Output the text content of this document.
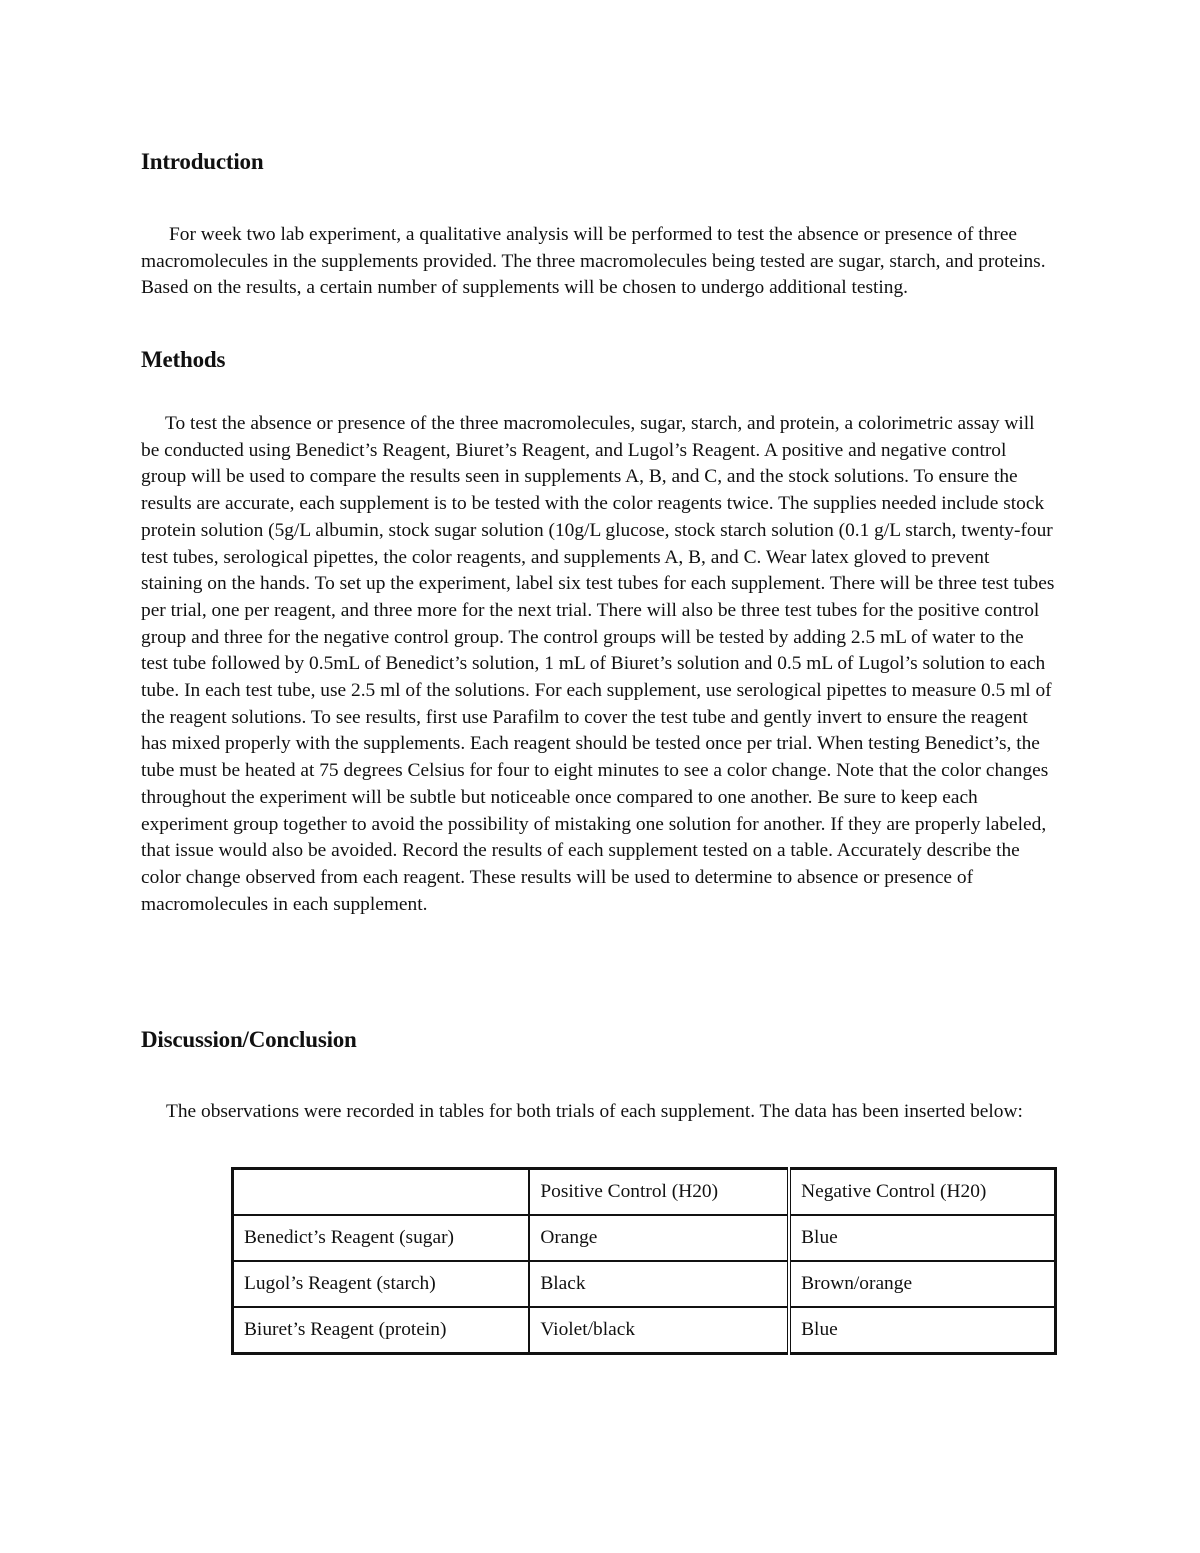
Introduction

For week two lab experiment, a qualitative analysis will be performed to test the absence or presence of three macromolecules in the supplements provided. The three macromolecules being tested are sugar, starch, and proteins. Based on the results, a certain number of supplements will be chosen to undergo additional testing.

Methods

To test the absence or presence of the three macromolecules, sugar, starch, and protein, a colorimetric assay will be conducted using Benedict’s Reagent, Biuret’s Reagent, and Lugol’s Reagent. A positive and negative control group will be used to compare the results seen in supplements A, B, and C, and the stock solutions. To ensure the results are accurate, each supplement is to be tested with the color reagents twice. The supplies needed include stock protein solution (5g/L albumin, stock sugar solution (10g/L glucose, stock starch solution (0.1 g/L starch, twenty-four test tubes, serological pipettes, the color reagents, and supplements A, B, and C. Wear latex gloved to prevent staining on the hands. To set up the experiment, label six test tubes for each supplement. There will be three test tubes per trial, one per reagent, and three more for the next trial. There will also be three test tubes for the positive control group and three for the negative control group. The control groups will be tested by adding 2.5 mL of water to the test tube followed by 0.5mL of Benedict’s solution, 1 mL of Biuret’s solution and 0.5 mL of Lugol’s solution to each tube. In each test tube, use 2.5 ml of the solutions. For each supplement, use serological pipettes to measure 0.5 ml of the reagent solutions. To see results, first use Parafilm to cover the test tube and gently invert to ensure the reagent has mixed properly with the supplements. Each reagent should be tested once per trial. When testing Benedict’s, the tube must be heated at 75 degrees Celsius for four to eight minutes to see a color change. Note that the color changes throughout the experiment will be subtle but noticeable once compared to one another. Be sure to keep each experiment group together to avoid the possibility of mistaking one solution for another. If they are properly labeled, that issue would also be avoided. Record the results of each supplement tested on a table. Accurately describe the color change observed from each reagent. These results will be used to determine to absence or presence of macromolecules in each supplement.

Discussion/Conclusion

The observations were recorded in tables for both trials of each supplement. The data has been inserted below:

	Positive Control (H20)	Negative Control (H20)
Benedict’s Reagent (sugar)	Orange	Blue
Lugol’s Reagent (starch)	Black	Brown/orange
Biuret’s Reagent (protein)	Violet/black	Blue
